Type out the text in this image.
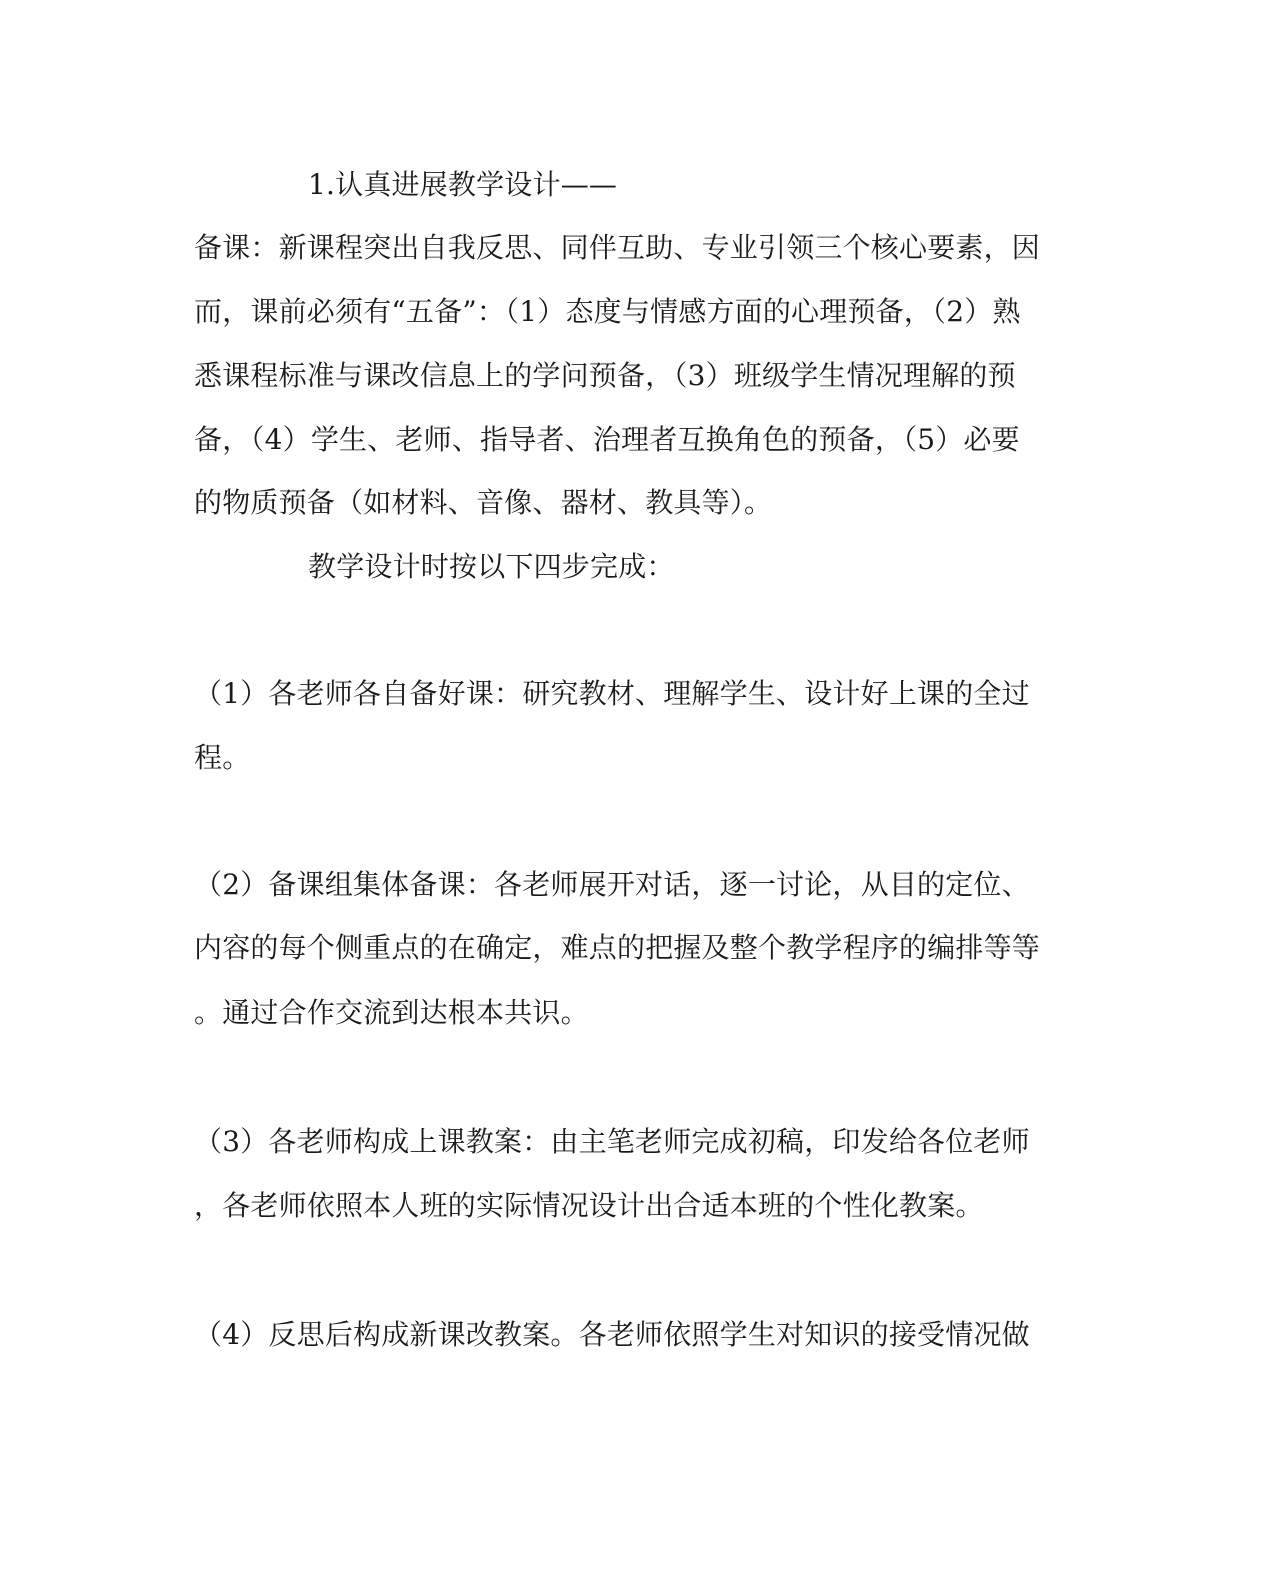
1.认真进展教学设计——
备课：新课程突出自我反思、同伴互助、专业引领三个核心要素，因
而，课前必须有“五备”：（1）态度与情感方面的心理预备，（2）熟
悉课程标准与课改信息上的学问预备，（3）班级学生情况理解的预
备，（4）学生、老师、指导者、治理者互换角色的预备，（5）必要
的物质预备（如材料、音像、器材、教具等）。
教学设计时按以下四步完成：
（1）各老师各自备好课：研究教材、理解学生、设计好上课的全过
程。
（2）备课组集体备课：各老师展开对话，逐一讨论，从目的定位、
内容的每个侧重点的在确定，难点的把握及整个教学程序的编排等等
。通过合作交流到达根本共识。
（3）各老师构成上课教案：由主笔老师完成初稿，印发给各位老师
，各老师依照本人班的实际情况设计出合适本班的个性化教案。
（4）反思后构成新课改教案。各老师依照学生对知识的接受情况做
